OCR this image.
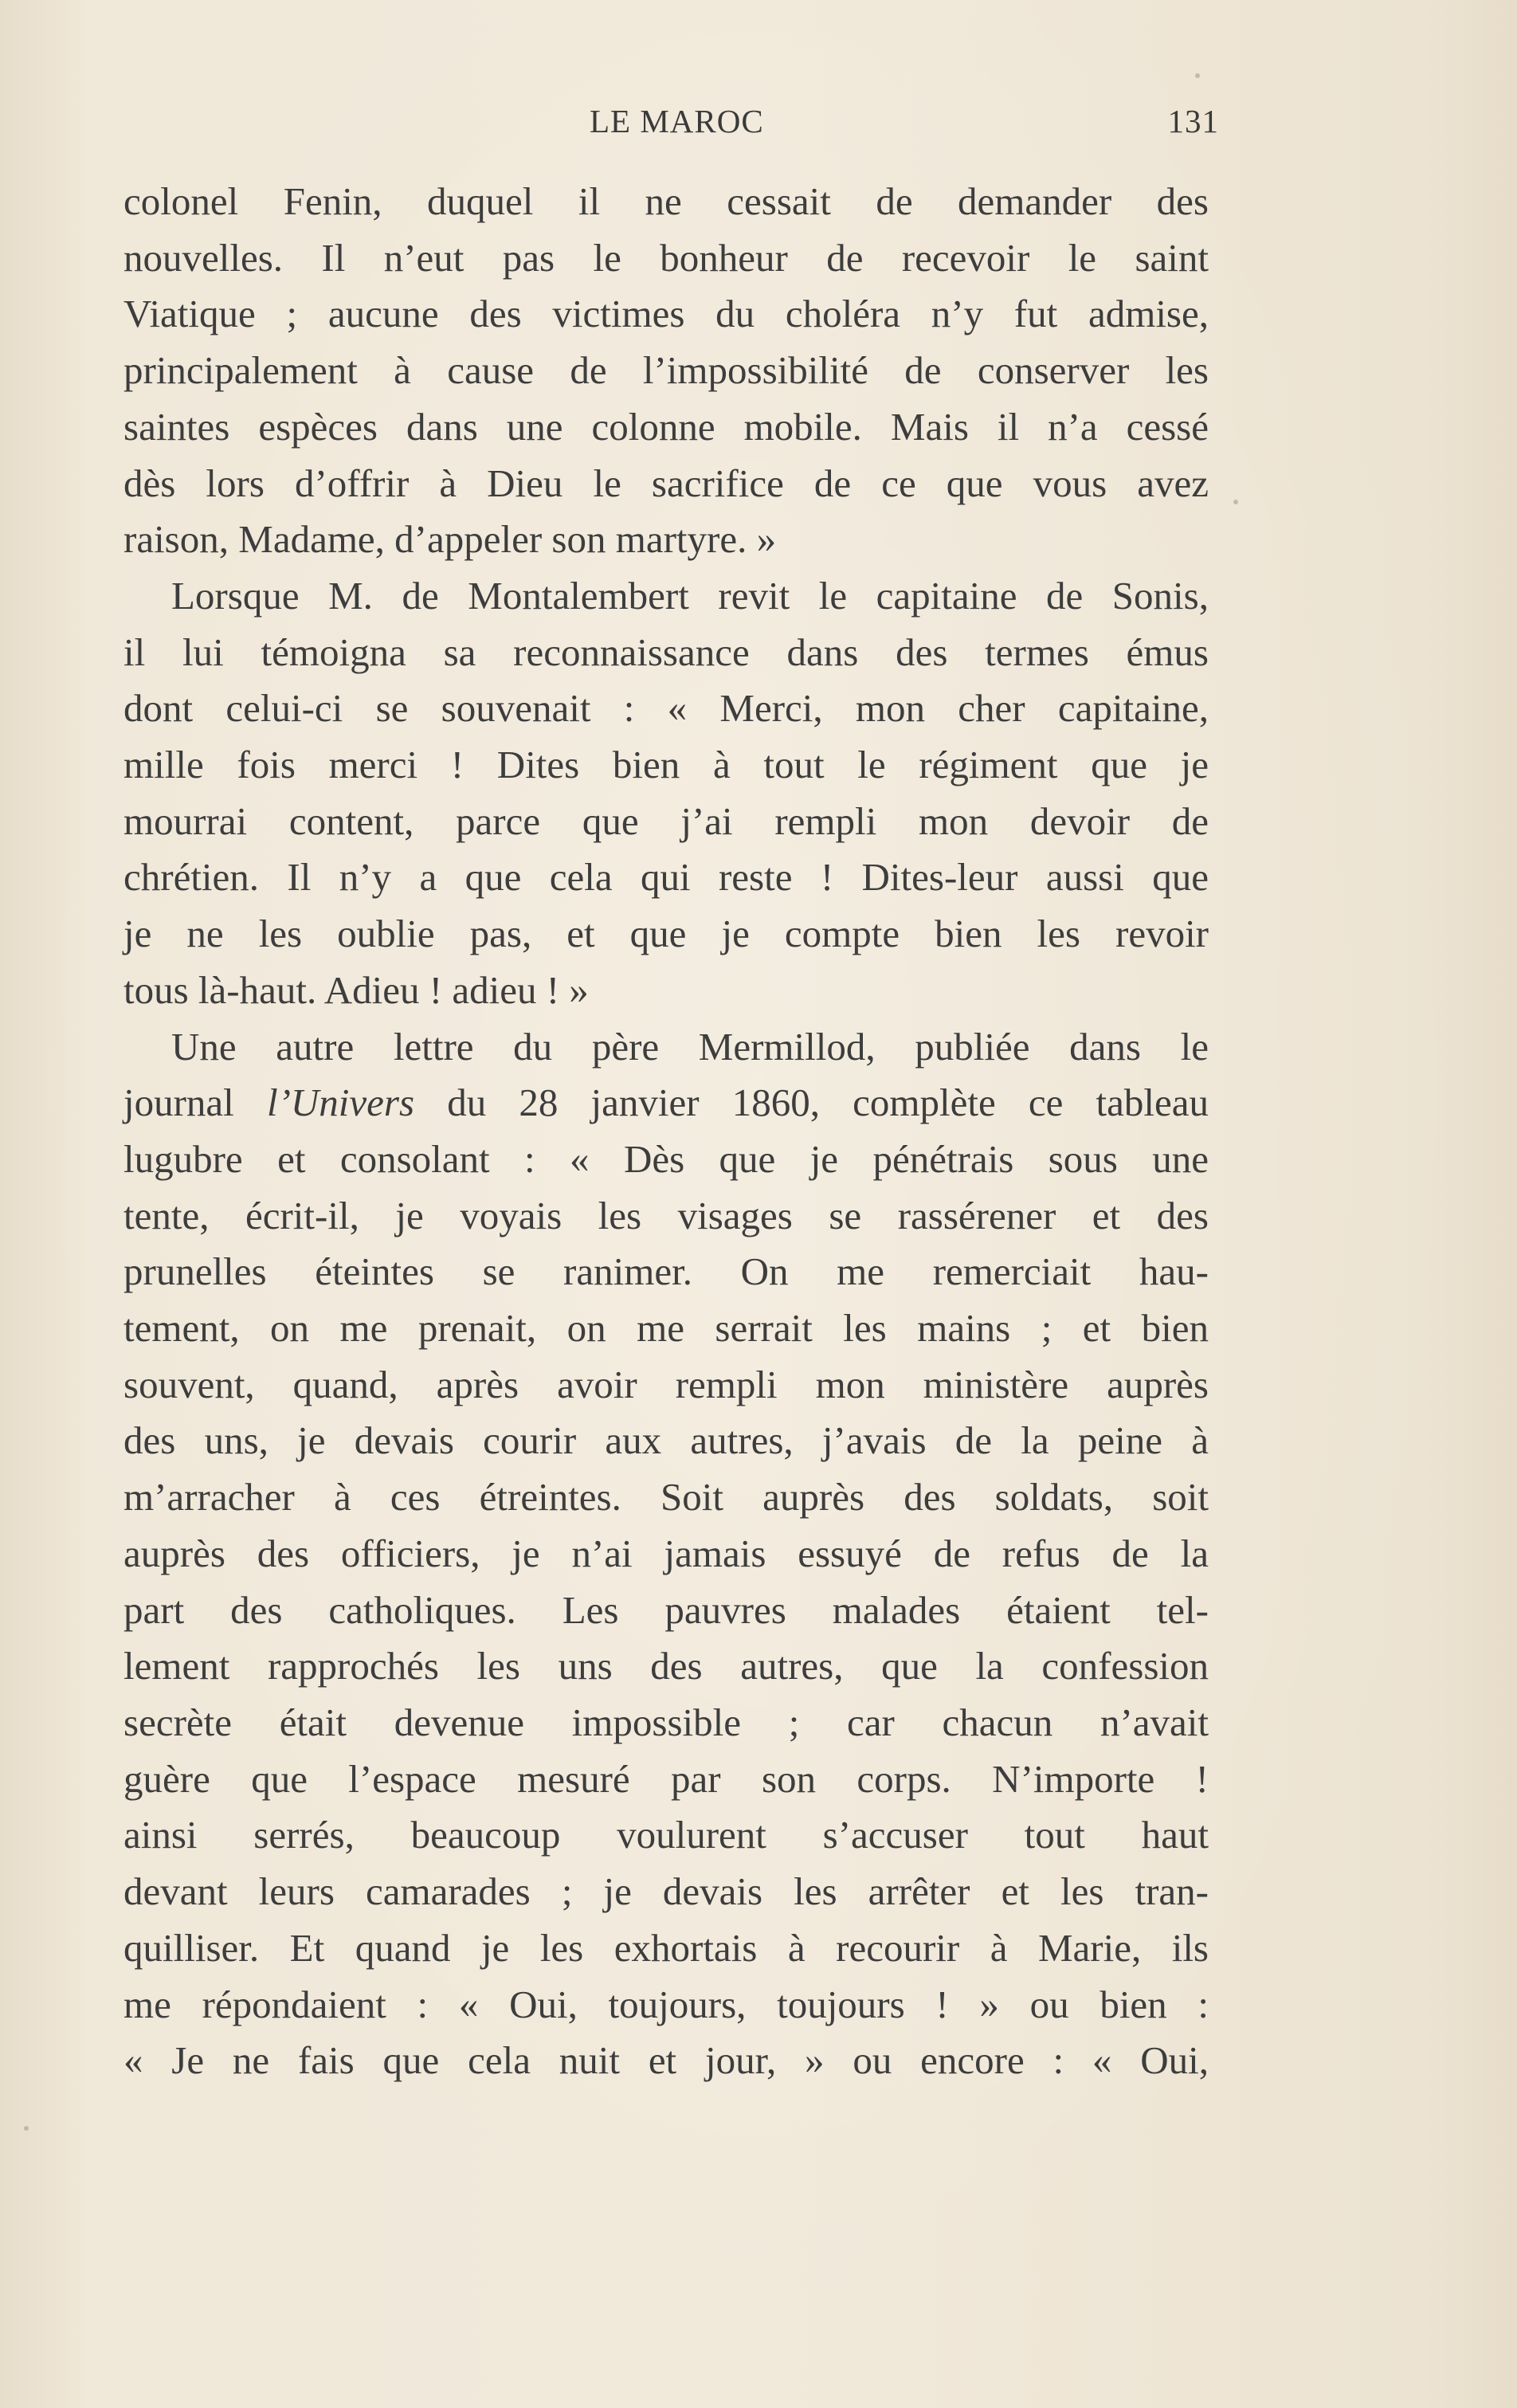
LE MAROC	131
colonel Fenin, duquel il ne cessait de demander des
nouvelles. Il n’eut pas le bonheur de recevoir le saint
Viatique ; aucune des victimes du choléra n’y fut admise,
principalement à cause de l’impossibilité de conserver les
saintes espèces dans une colonne mobile. Mais il n’a cessé
dès lors d’offrir à Dieu le sacrifice de ce que vous avez
raison, Madame, d’appeler son martyre. »
Lorsque M. de Montalembert revit le capitaine de Sonis,
il lui témoigna sa reconnaissance dans des termes émus
dont celui-ci se souvenait : « Merci, mon cher capitaine,
mille fois merci ! Dites bien à tout le régiment que je
mourrai content, parce que j’ai rempli mon devoir de
chrétien. Il n’y a que cela qui reste ! Dites-leur aussi que
je ne les oublie pas, et que je compte bien les revoir
tous là-haut. Adieu ! adieu ! »
Une autre lettre du père Mermillod, publiée dans le
journal l’Univers du 28 janvier 1860, complète ce tableau
lugubre et consolant : « Dès que je pénétrais sous une
tente, écrit-il, je voyais les visages se rassérener et des
prunelles éteintes se ranimer. On me remerciait hau-
tement, on me prenait, on me serrait les mains ; et bien
souvent, quand, après avoir rempli mon ministère auprès
des uns, je devais courir aux autres, j’avais de la peine à
m’arracher à ces étreintes. Soit auprès des soldats, soit
auprès des officiers, je n’ai jamais essuyé de refus de la
part des catholiques. Les pauvres malades étaient tel-
lement rapprochés les uns des autres, que la confession
secrète était devenue impossible ; car chacun n’avait
guère que l’espace mesuré par son corps. N’importe !
ainsi serrés, beaucoup voulurent s’accuser tout haut
devant leurs camarades ; je devais les arrêter et les tran-
quilliser. Et quand je les exhortais à recourir à Marie, ils
me répondaient : « Oui, toujours, toujours ! » ou bien :
« Je ne fais que cela nuit et jour, » ou encore : « Oui,
